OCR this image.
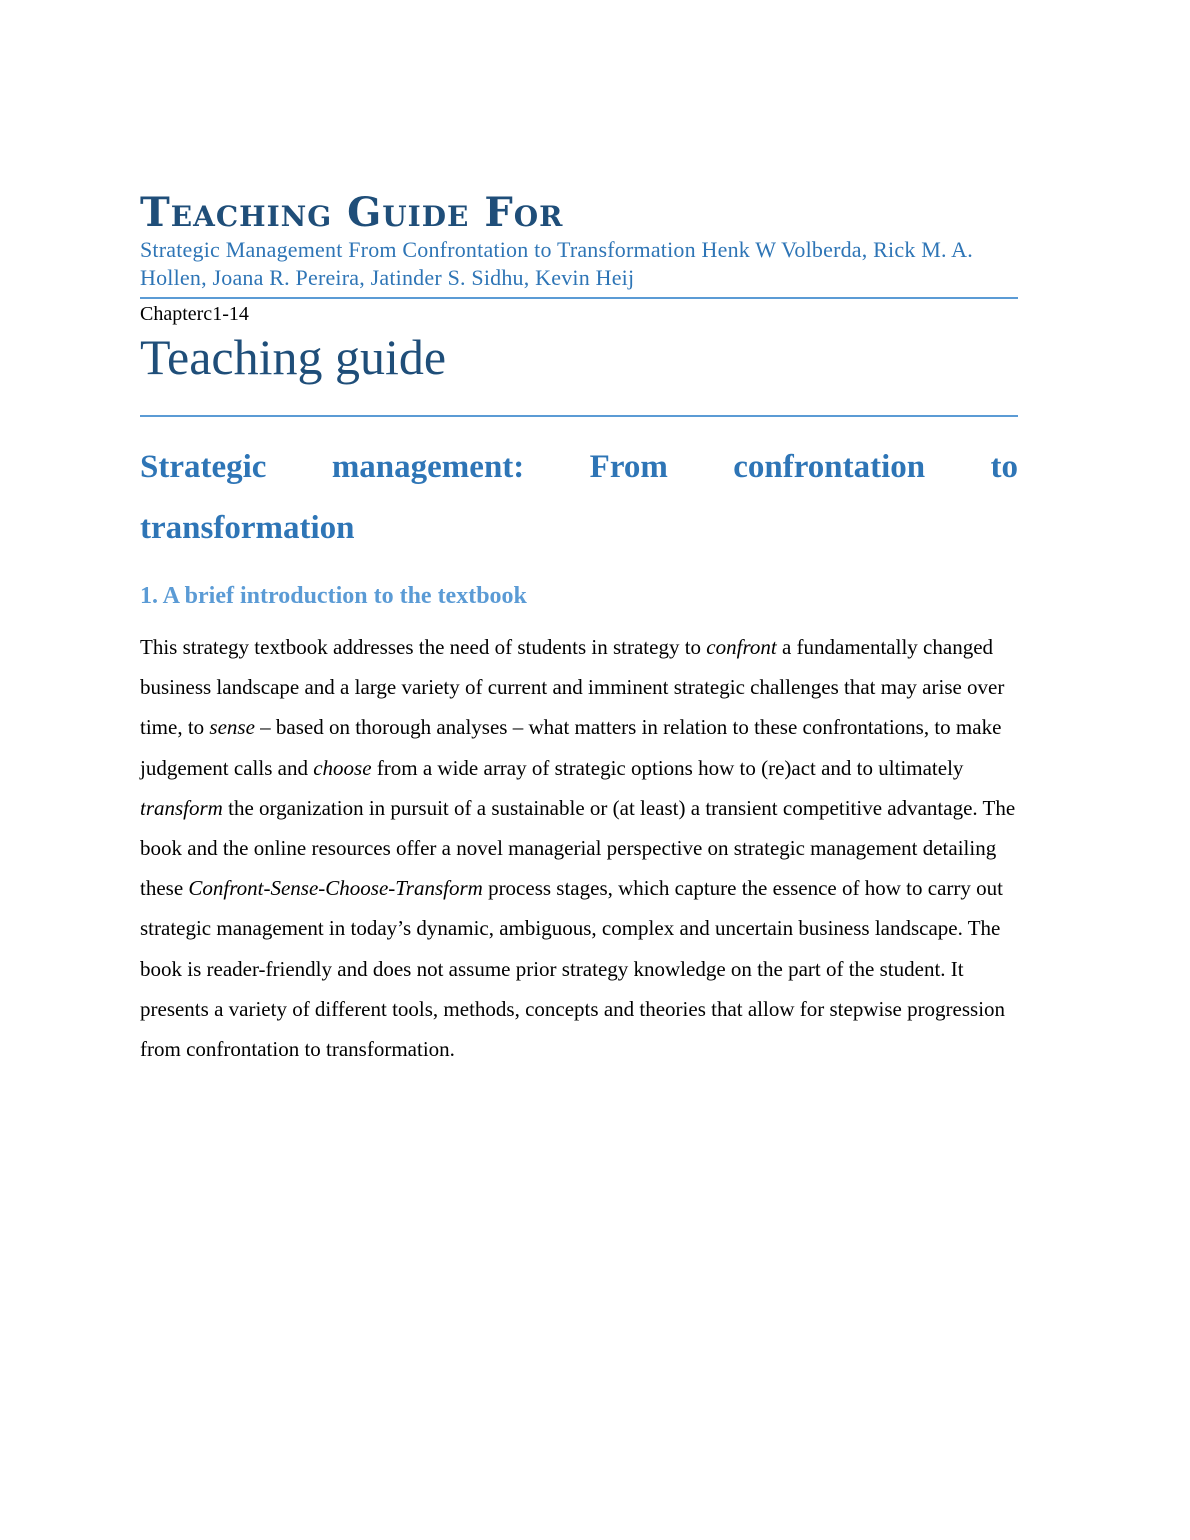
Teaching Guide For

Strategic Management From Confrontation to Transformation Henk W Volberda, Rick M. A. Hollen, Joana R. Pereira, Jatinder S. Sidhu, Kevin Heij

Chapterc1-14

Teaching guide
Strategic management: From confrontation to
transformation
1. A brief introduction to the textbook

This strategy textbook addresses the need of students in strategy to confront a fundamentally changed business landscape and a large variety of current and imminent strategic challenges that may arise over time, to sense – based on thorough analyses – what matters in relation to these confrontations, to make judgement calls and choose from a wide array of strategic options how to (re)act and to ultimately transform the organization in pursuit of a sustainable or (at least) a transient competitive advantage. The book and the online resources offer a novel managerial perspective on strategic management detailing these Confront-Sense-Choose-Transform process stages, which capture the essence of how to carry out strategic management in today’s dynamic, ambiguous, complex and uncertain business landscape. The book is reader-friendly and does not assume prior strategy knowledge on the part of the student. It presents a variety of different tools, methods, concepts and theories that allow for stepwise progression from confrontation to transformation.
